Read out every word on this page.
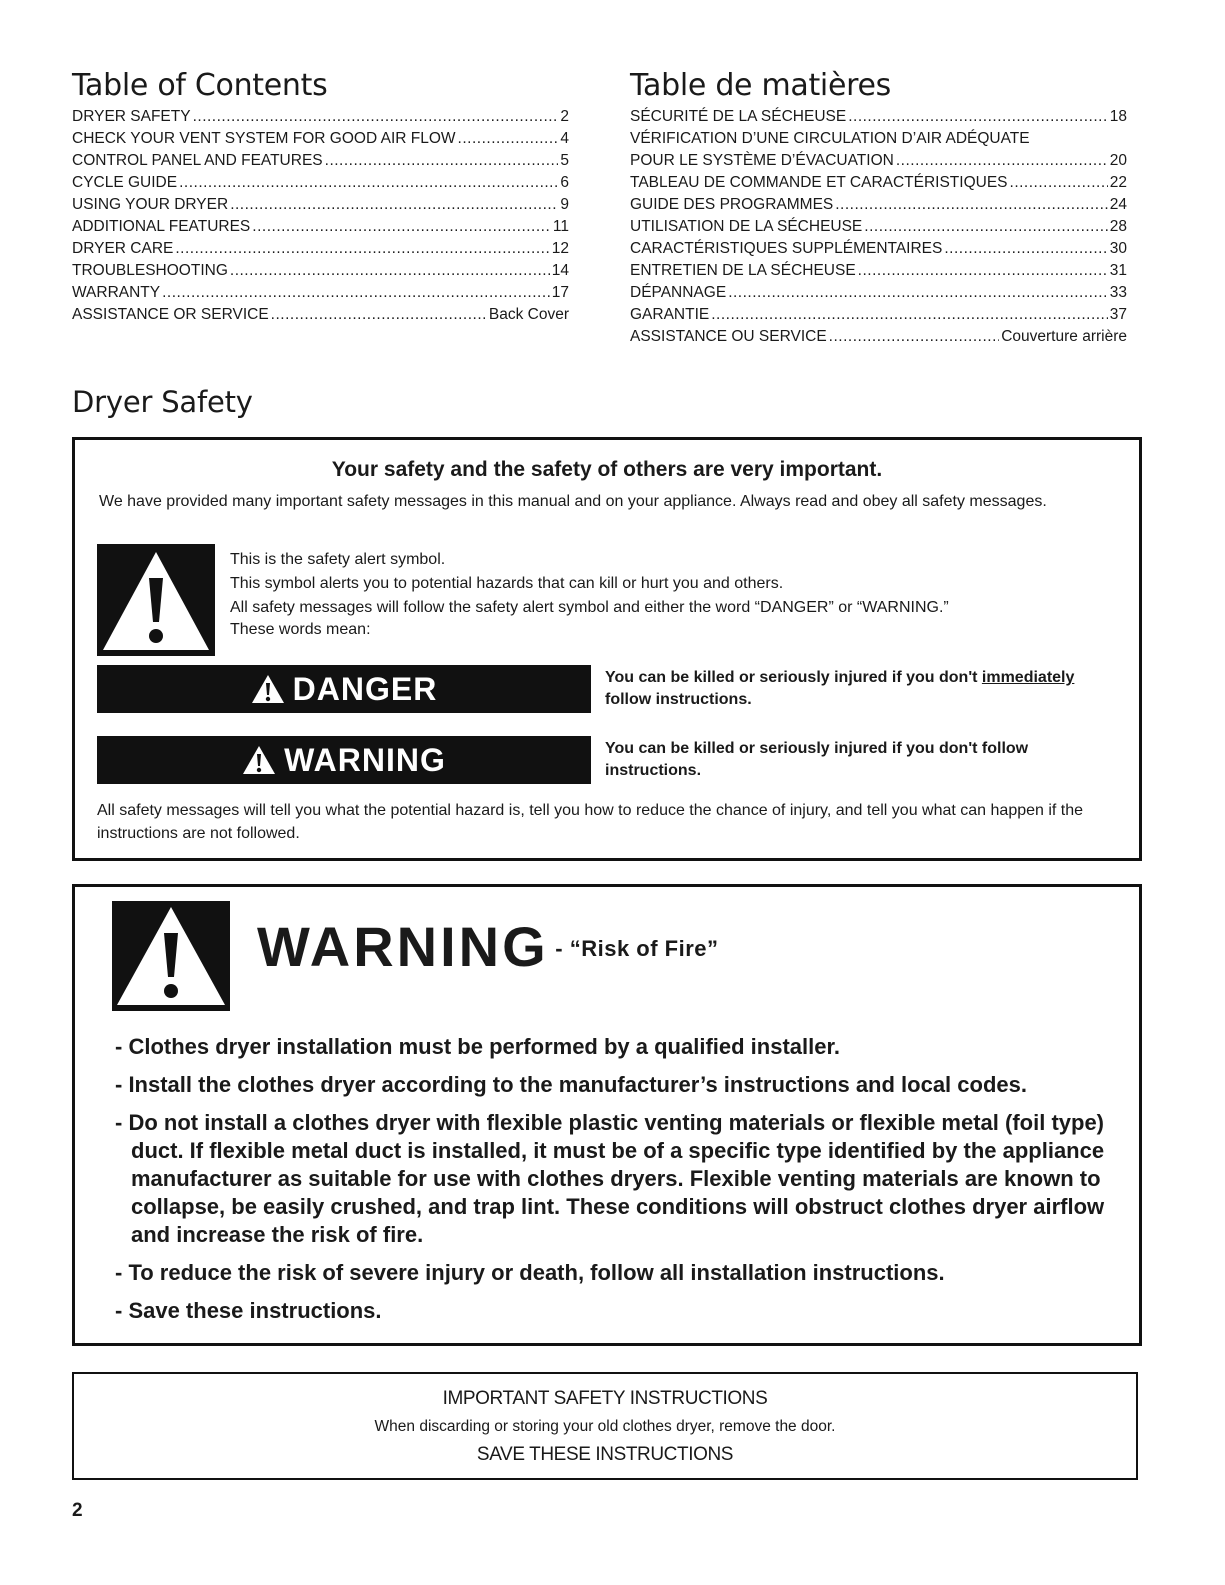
Table of Contents
DRYER SAFETY .....	2
CHECK YOUR VENT SYSTEM FOR GOOD AIR FLOW .....	4
CONTROL PANEL AND FEATURES .....	5
CYCLE GUIDE .....	6
USING YOUR DRYER .....	9
ADDITIONAL FEATURES .....	11
DRYER CARE .....	12
TROUBLESHOOTING .....	14
WARRANTY .....	17
ASSISTANCE OR SERVICE .....	Back Cover
Table de matières
SÉCURITÉ DE LA SÉCHEUSE .....	18
VÉRIFICATION D’UNE CIRCULATION D’AIR ADÉQUATE
POUR LE SYSTÈME D’ÉVACUATION .....	20
TABLEAU DE COMMANDE ET CARACTÉRISTIQUES .....	22
GUIDE DES PROGRAMMES .....	24
UTILISATION DE LA SÉCHEUSE .....	28
CARACTÉRISTIQUES SUPPLÉMENTAIRES .....	30
ENTRETIEN DE LA SÉCHEUSE .....	31
DÉPANNAGE .....	33
GARANTIE .....	37
ASSISTANCE OU SERVICE .....	Couverture arrière
Dryer Safety
Your safety and the safety of others are very important.
We have provided many important safety messages in this manual and on your appliance. Always read and obey all safety messages.
This is the safety alert symbol.
This symbol alerts you to potential hazards that can kill or hurt you and others.
All safety messages will follow the safety alert symbol and either the word “DANGER” or “WARNING.”
These words mean:
DANGER	You can be killed or seriously injured if you don't immediately follow instructions.
WARNING	You can be killed or seriously injured if you don't follow instructions.
All safety messages will tell you what the potential hazard is, tell you how to reduce the chance of injury, and tell you what can happen if the instructions are not followed.
WARNING - $^{“Risk of Fire”}$
- Clothes dryer installation must be performed by a qualified installer.
- Install the clothes dryer according to the manufacturer’s instructions and local codes.
- Do not install a clothes dryer with flexible plastic venting materials or flexible metal (foil type) duct. If flexible metal duct is installed, it must be of a specific type identified by the appliance manufacturer as suitable for use with clothes dryers. Flexible venting materials are known to collapse, be easily crushed, and trap lint. These conditions will obstruct clothes dryer airflow and increase the risk of fire.
- To reduce the risk of severe injury or death, follow all installation instructions.
- Save these instructions.
IMPORTANT SAFETY INSTRUCTIONS
When discarding or storing your old clothes dryer, remove the door.
SAVE THESE INSTRUCTIONS
2
